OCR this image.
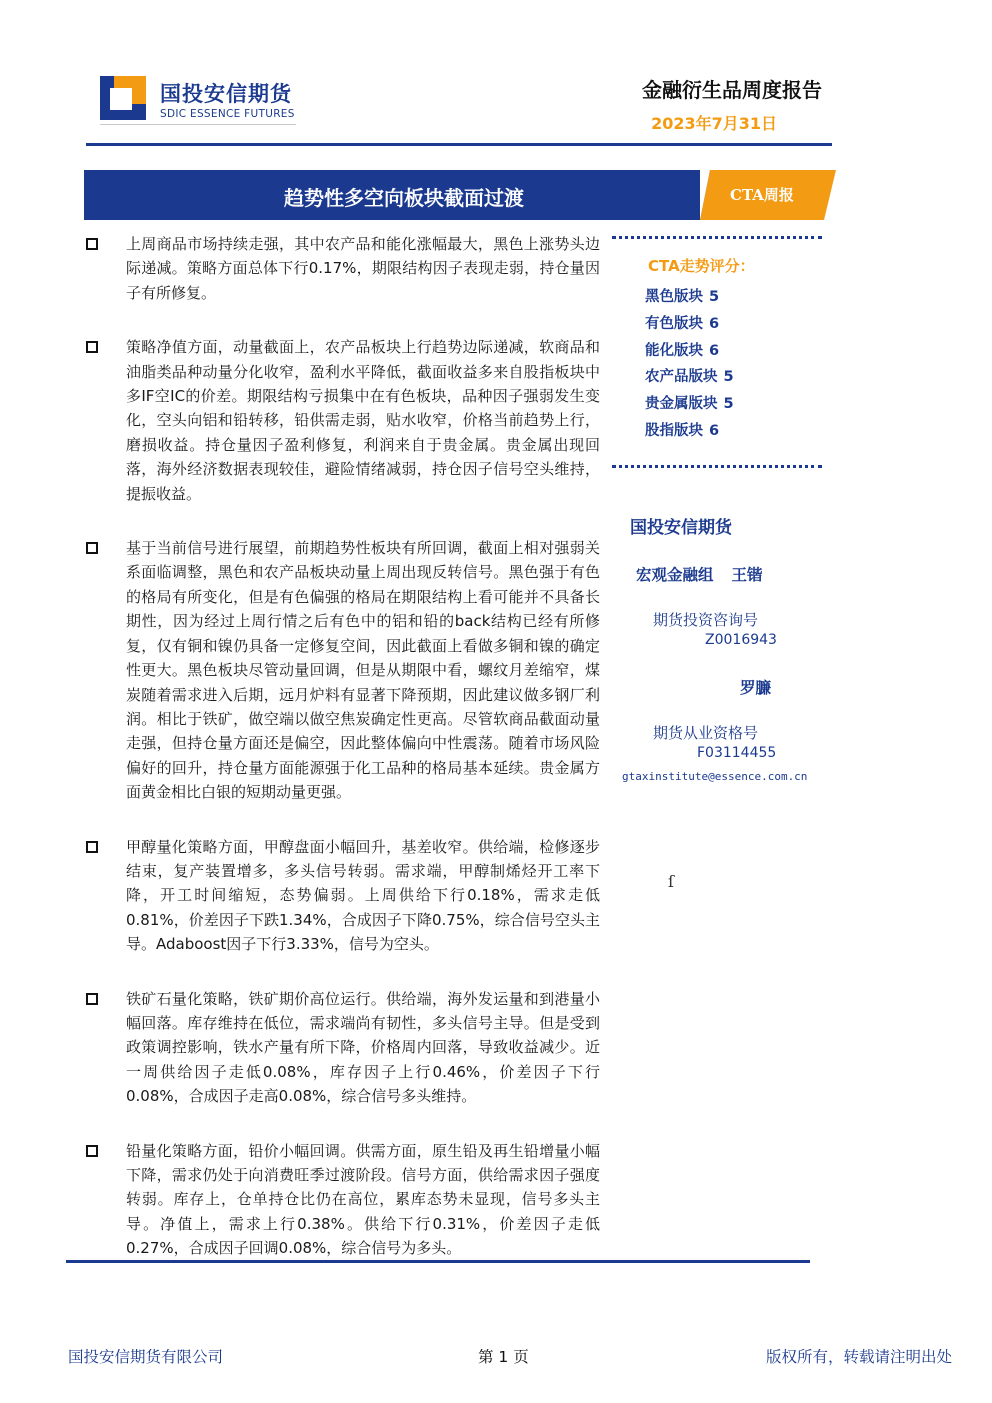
国投安信期货
SDIC ESSENCE FUTURES
金融衍生品周度报告
2023年7月31日
趋势性多空向板块截面过渡	CTA周报
上周商品市场持续走强，其中农产品和能化涨幅最大，黑色上涨势头边际递减。策略方面总体下行0.17%，期限结构因子表现走弱，持仓量因子有所修复。
策略净值方面，动量截面上，农产品板块上行趋势边际递减，软商品和油脂类品种动量分化收窄，盈利水平降低，截面收益多来自股指板块中多IF空IC的价差。期限结构亏损集中在有色板块，品种因子强弱发生变化，空头向铝和铅转移，铅供需走弱，贴水收窄，价格当前趋势上行，磨损收益。持仓量因子盈利修复，利润来自于贵金属。贵金属出现回落，海外经济数据表现较佳，避险情绪减弱，持仓因子信号空头维持，提振收益。
基于当前信号进行展望，前期趋势性板块有所回调，截面上相对强弱关系面临调整，黑色和农产品板块动量上周出现反转信号。黑色强于有色的格局有所变化，但是有色偏强的格局在期限结构上看可能并不具备长期性，因为经过上周行情之后有色中的铝和铅的back结构已经有所修复，仅有铜和镍仍具备一定修复空间，因此截面上看做多铜和镍的确定性更大。黑色板块尽管动量回调，但是从期限中看，螺纹月差缩窄，煤炭随着需求进入后期，远月炉料有显著下降预期，因此建议做多钢厂利润。相比于铁矿，做空端以做空焦炭确定性更高。尽管软商品截面动量走强，但持仓量方面还是偏空，因此整体偏向中性震荡。随着市场风险偏好的回升，持仓量方面能源强于化工品种的格局基本延续。贵金属方面黄金相比白银的短期动量更强。
甲醇量化策略方面，甲醇盘面小幅回升，基差收窄。供给端，检修逐步结束，复产装置增多，多头信号转弱。需求端，甲醇制烯烃开工率下降，开工时间缩短，态势偏弱。上周供给下行0.18%，需求走低0.81%，价差因子下跌1.34%，合成因子下降0.75%，综合信号空头主导。Adaboost因子下行3.33%，信号为空头。
铁矿石量化策略，铁矿期价高位运行。供给端，海外发运量和到港量小幅回落。库存维持在低位，需求端尚有韧性，多头信号主导。但是受到政策调控影响，铁水产量有所下降，价格周内回落，导致收益减少。近一周供给因子走低0.08%，库存因子上行0.46%，价差因子下行0.08%，合成因子走高0.08%，综合信号多头维持。
铅量化策略方面，铅价小幅回调。供需方面，原生铅及再生铅增量小幅下降，需求仍处于向消费旺季过渡阶段。信号方面，供给需求因子强度转弱。库存上，仓单持仓比仍在高位，累库态势未显现，信号多头主导。净值上，需求上行0.38%。供给下行0.31%，价差因子走低0.27%，合成因子回调0.08%，综合信号为多头。
CTA走势评分：
黑色版块 5
有色版块 6
能化版块 6
农产品版块 5
贵金属版块 5
股指版块 6
国投安信期货
宏观金融组 王锴
期货投资咨询号
Z0016943
罗臁
期货从业资格号
F03114455
gtaxinstitute@essence.com.cn
ſ
国投安信期货有限公司	第 1 页	版权所有，转载请注明出处
